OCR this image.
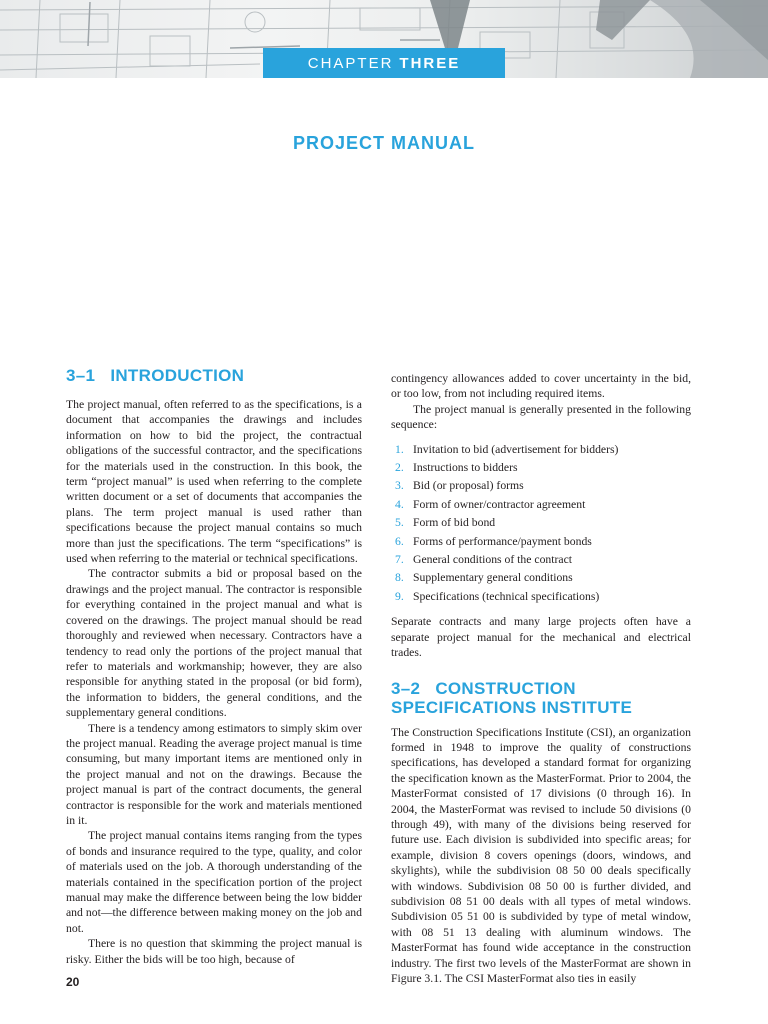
CHAPTER THREE
PROJECT MANUAL
3–1   INTRODUCTION

The project manual, often referred to as the specifications, is a document that accompanies the drawings and includes information on how to bid the project, the contractual obligations of the successful contractor, and the specifications for the materials used in the construction. In this book, the term “project manual” is used when referring to the complete written document or a set of documents that accompanies the plans. The term project manual is used rather than specifications because the project manual contains so much more than just the specifications. The term “specifications” is used when referring to the material or technical specifications.

The contractor submits a bid or proposal based on the drawings and the project manual. The contractor is responsible for everything contained in the project manual and what is covered on the drawings. The project manual should be read thoroughly and reviewed when necessary. Contractors have a tendency to read only the portions of the project manual that refer to materials and workmanship; however, they are also responsible for anything stated in the proposal (or bid form), the information to bidders, the general conditions, and the supplementary general conditions.

There is a tendency among estimators to simply skim over the project manual. Reading the average project manual is time consuming, but many important items are mentioned only in the project manual and not on the drawings. Because the project manual is part of the contract documents, the general contractor is responsible for the work and materials mentioned in it.

The project manual contains items ranging from the types of bonds and insurance required to the type, quality, and color of materials used on the job. A thorough understanding of the materials contained in the specification portion of the project manual may make the difference between being the low bidder and not—the difference between making money on the job and not.

There is no question that skimming the project manual is risky. Either the bids will be too high, because of

contingency allowances added to cover uncertainty in the bid, or too low, from not including required items.

The project manual is generally presented in the following sequence:

1. Invitation to bid (advertisement for bidders)
2. Instructions to bidders
3. Bid (or proposal) forms
4. Form of owner/contractor agreement
5. Form of bid bond
6. Forms of performance/payment bonds
7. General conditions of the contract
8. Supplementary general conditions
9. Specifications (technical specifications)

Separate contracts and many large projects often have a separate project manual for the mechanical and electrical trades.

3–2   CONSTRUCTION
SPECIFICATIONS INSTITUTE

The Construction Specifications Institute (CSI), an organization formed in 1948 to improve the quality of constructions specifications, has developed a standard format for organizing the specification known as the MasterFormat. Prior to 2004, the MasterFormat consisted of 17 divisions (0 through 16). In 2004, the MasterFormat was revised to include 50 divisions (0 through 49), with many of the divisions being reserved for future use. Each division is subdivided into specific areas; for example, division 8 covers openings (doors, windows, and skylights), while the subdivision 08 50 00 deals specifically with windows. Subdivision 08 50 00 is further divided, and subdivision 08 51 00 deals with all types of metal windows. Subdivision 05 51 00 is subdivided by type of metal window, with 08 51 13 dealing with aluminum windows. The MasterFormat has found wide acceptance in the construction industry. The first two levels of the MasterFormat are shown in Figure 3.1. The CSI MasterFormat also ties in easily

20
